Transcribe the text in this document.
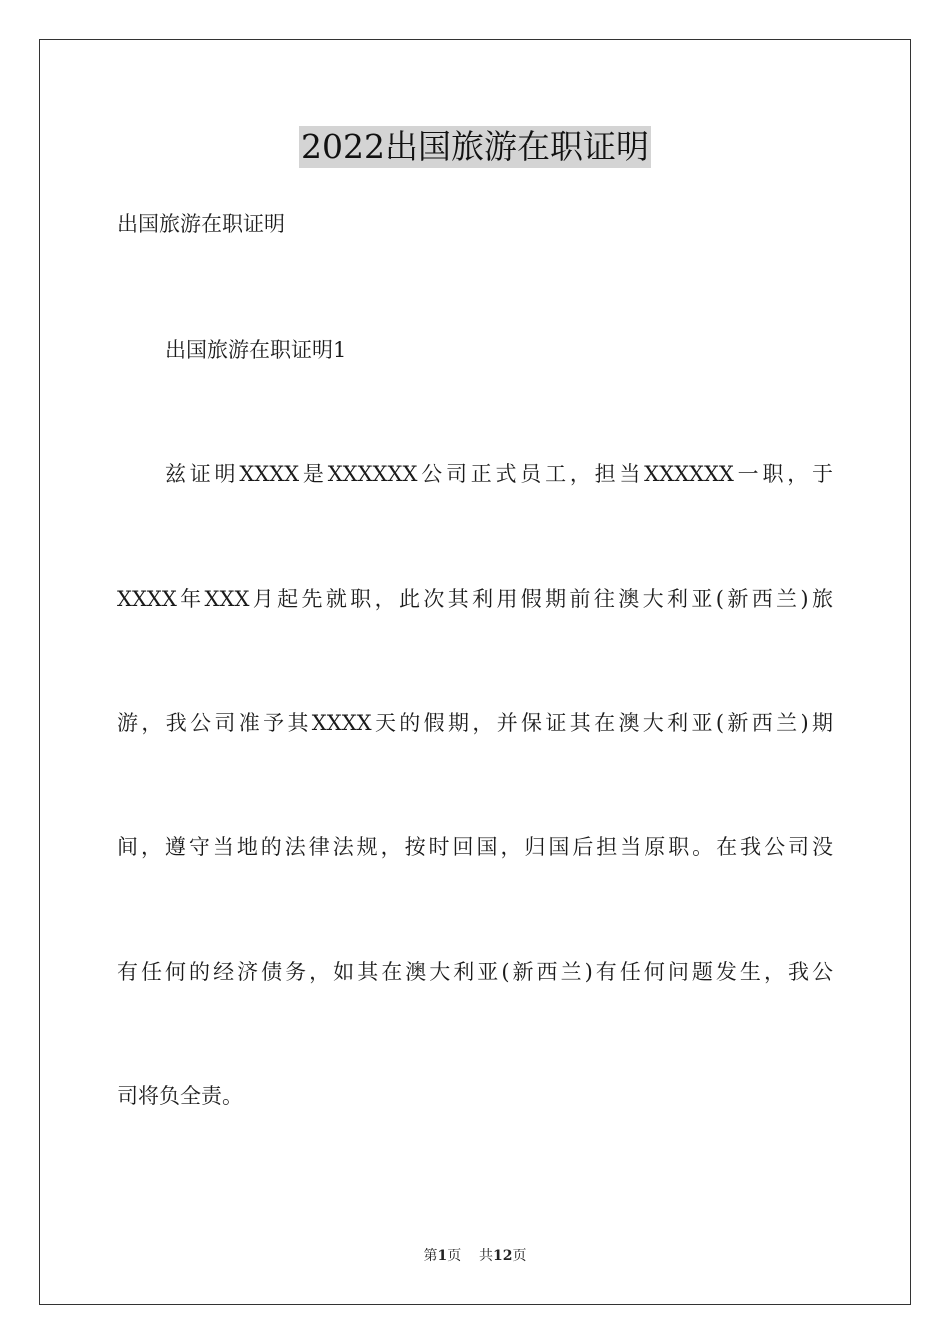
2022出国旅游在职证明
出国旅游在职证明
出国旅游在职证明1
兹证明XXXX是XXXXXX公司正式员工，担当XXXXXX一职，于
XXXX年XXX月起先就职，此次其利用假期前往澳大利亚(新西兰)旅
游，我公司准予其XXXX天的假期，并保证其在澳大利亚(新西兰)期
间，遵守当地的法律法规，按时回国，归国后担当原职。在我公司没
有任何的经济债务，如其在澳大利亚(新西兰)有任何问题发生，我公
司将负全责。
第1页 共12页
